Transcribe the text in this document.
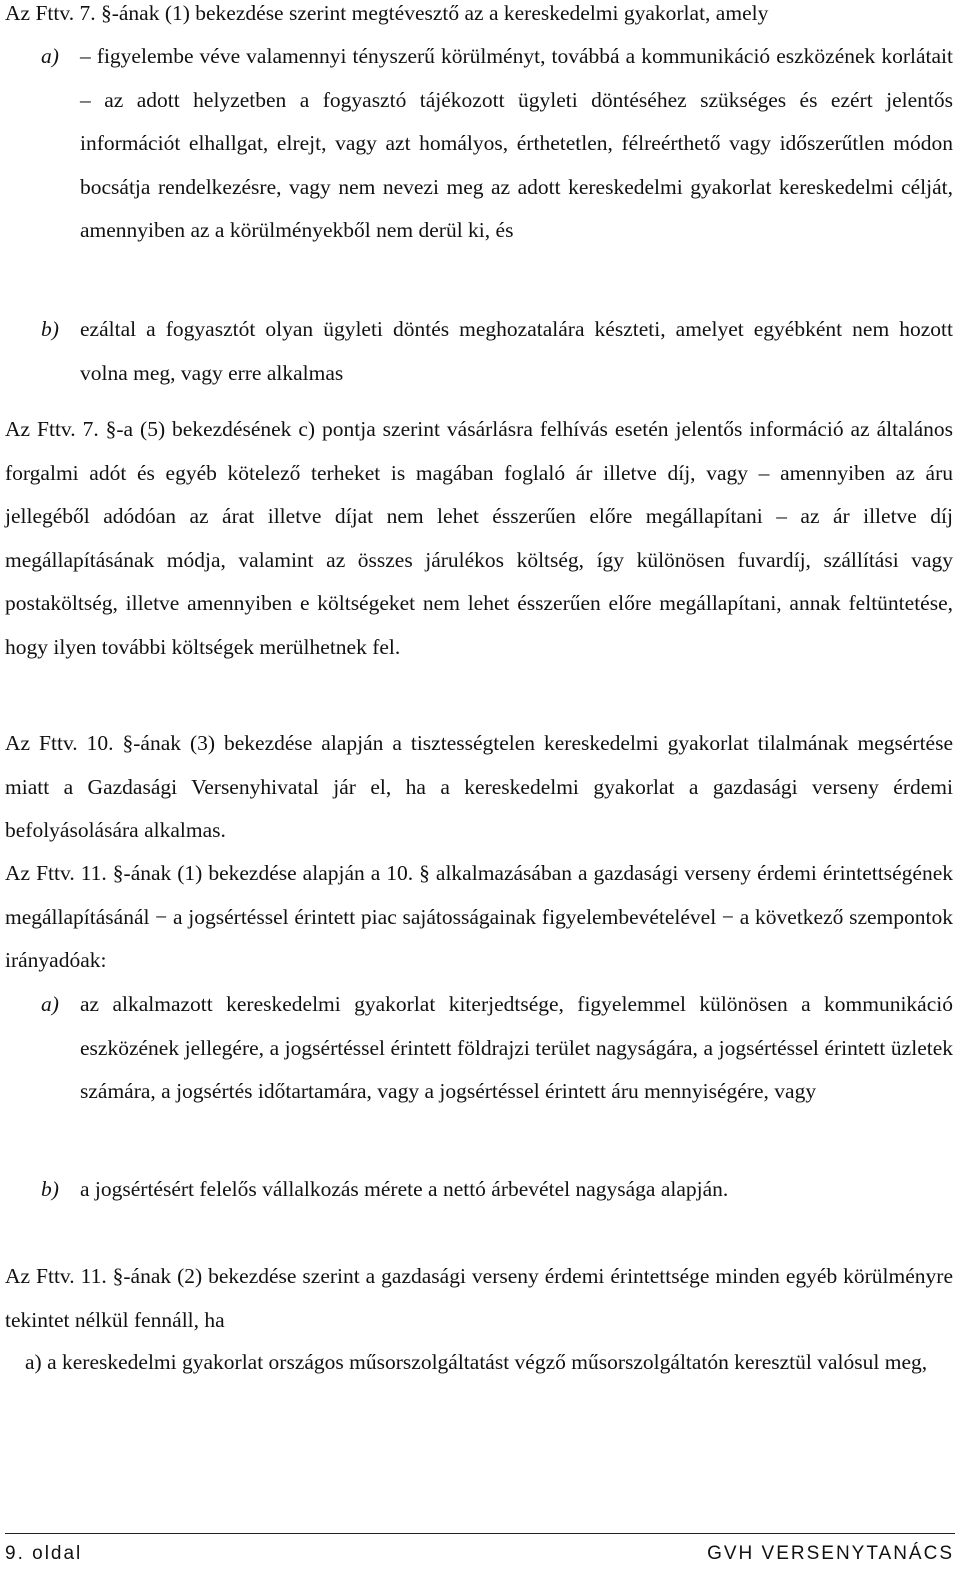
Az Fttv. 7. §-ának (1) bekezdése szerint megtévesztő az a kereskedelmi gyakorlat, amely

a) – figyelembe véve valamennyi tényszerű körülményt, továbbá a kommunikáció eszközének korlátait – az adott helyzetben a fogyasztó tájékozott ügyleti döntéséhez szükséges és ezért jelentős információt elhallgat, elrejt, vagy azt homályos, érthetetlen, félreérthető vagy időszerűtlen módon bocsátja rendelkezésre, vagy nem nevezi meg az adott kereskedelmi gyakorlat kereskedelmi célját, amennyiben az a körülményekből nem derül ki, és
b) ezáltal a fogyasztót olyan ügyleti döntés meghozatalára készteti, amelyet egyébként nem hozott volna meg, vagy erre alkalmas

Az Fttv. 7. §-a (5) bekezdésének c) pontja szerint vásárlásra felhívás esetén jelentős információ az általános forgalmi adót és egyéb kötelező terheket is magában foglaló ár illetve díj, vagy – amennyiben az áru jellegéből adódóan az árat illetve díjat nem lehet ésszerűen előre megállapítani – az ár illetve díj megállapításának módja, valamint az összes járulékos költség, így különösen fuvardíj, szállítási vagy postaköltség, illetve amennyiben e költségeket nem lehet ésszerűen előre megállapítani, annak feltüntetése, hogy ilyen további költségek merülhetnek fel.

Az Fttv. 10. §-ának (3) bekezdése alapján a tisztességtelen kereskedelmi gyakorlat tilalmának megsértése miatt a Gazdasági Versenyhivatal jár el, ha a kereskedelmi gyakorlat a gazdasági verseny érdemi befolyásolására alkalmas.

Az Fttv. 11. §-ának (1) bekezdése alapján a 10. § alkalmazásában a gazdasági verseny érdemi érintettségének megállapításánál − a jogsértéssel érintett piac sajátosságainak figyelembevételével − a következő szempontok irányadóak:

a) az alkalmazott kereskedelmi gyakorlat kiterjedtsége, figyelemmel különösen a kommunikáció eszközének jellegére, a jogsértéssel érintett földrajzi terület nagyságára, a jogsértéssel érintett üzletek számára, a jogsértés időtartamára, vagy a jogsértéssel érintett áru mennyiségére, vagy
b) a jogsértésért felelős vállalkozás mérete a nettó árbevétel nagysága alapján.

Az Fttv. 11. §-ának (2) bekezdése szerint a gazdasági verseny érdemi érintettsége minden egyéb körülményre tekintet nélkül fennáll, ha

a) a kereskedelmi gyakorlat országos műsorszolgáltatást végző műsorszolgáltatón keresztül valósul meg,

9. oldal	GVH VERSENYTANÁCS
